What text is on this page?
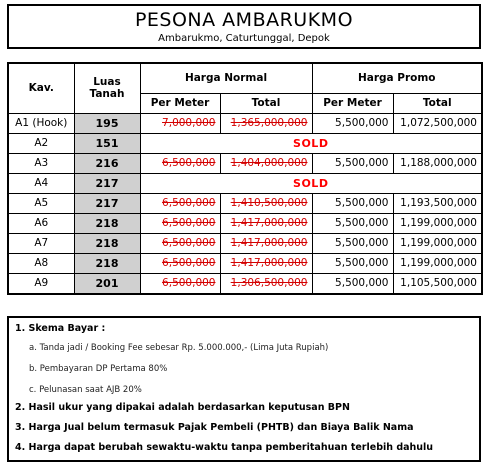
PESONA AMBARUKMO
Ambarukmo, Caturtunggal, Depok
Kav.	Luas Tanah	Harga Normal		Harga Promo	
		Per Meter	Total	Per Meter	Total
A1 (Hook)	195	7,000,000	1,365,000,000	5,500,000	1,072,500,000
A2	151	SOLD			
A3	216	6,500,000	1,404,000,000	5,500,000	1,188,000,000
A4	217	SOLD			
A5	217	6,500,000	1,410,500,000	5,500,000	1,193,500,000
A6	218	6,500,000	1,417,000,000	5,500,000	1,199,000,000
A7	218	6,500,000	1,417,000,000	5,500,000	1,199,000,000
A8	218	6,500,000	1,417,000,000	5,500,000	1,199,000,000
A9	201	6,500,000	1,306,500,000	5,500,000	1,105,500,000

1. Skema Bayar :

a. Tanda jadi / Booking Fee sebesar Rp. 5.000.000,- (Lima Juta Rupiah)
b. Pembayaran DP Pertama 80%
c. Pelunasan saat AJB 20%

2. Hasil ukur yang dipakai adalah berdasarkan keputusan BPN

3. Harga Jual belum termasuk Pajak Pembeli (PHTB) dan Biaya Balik Nama

4. Harga dapat berubah sewaktu-waktu tanpa pemberitahuan terlebih dahulu
